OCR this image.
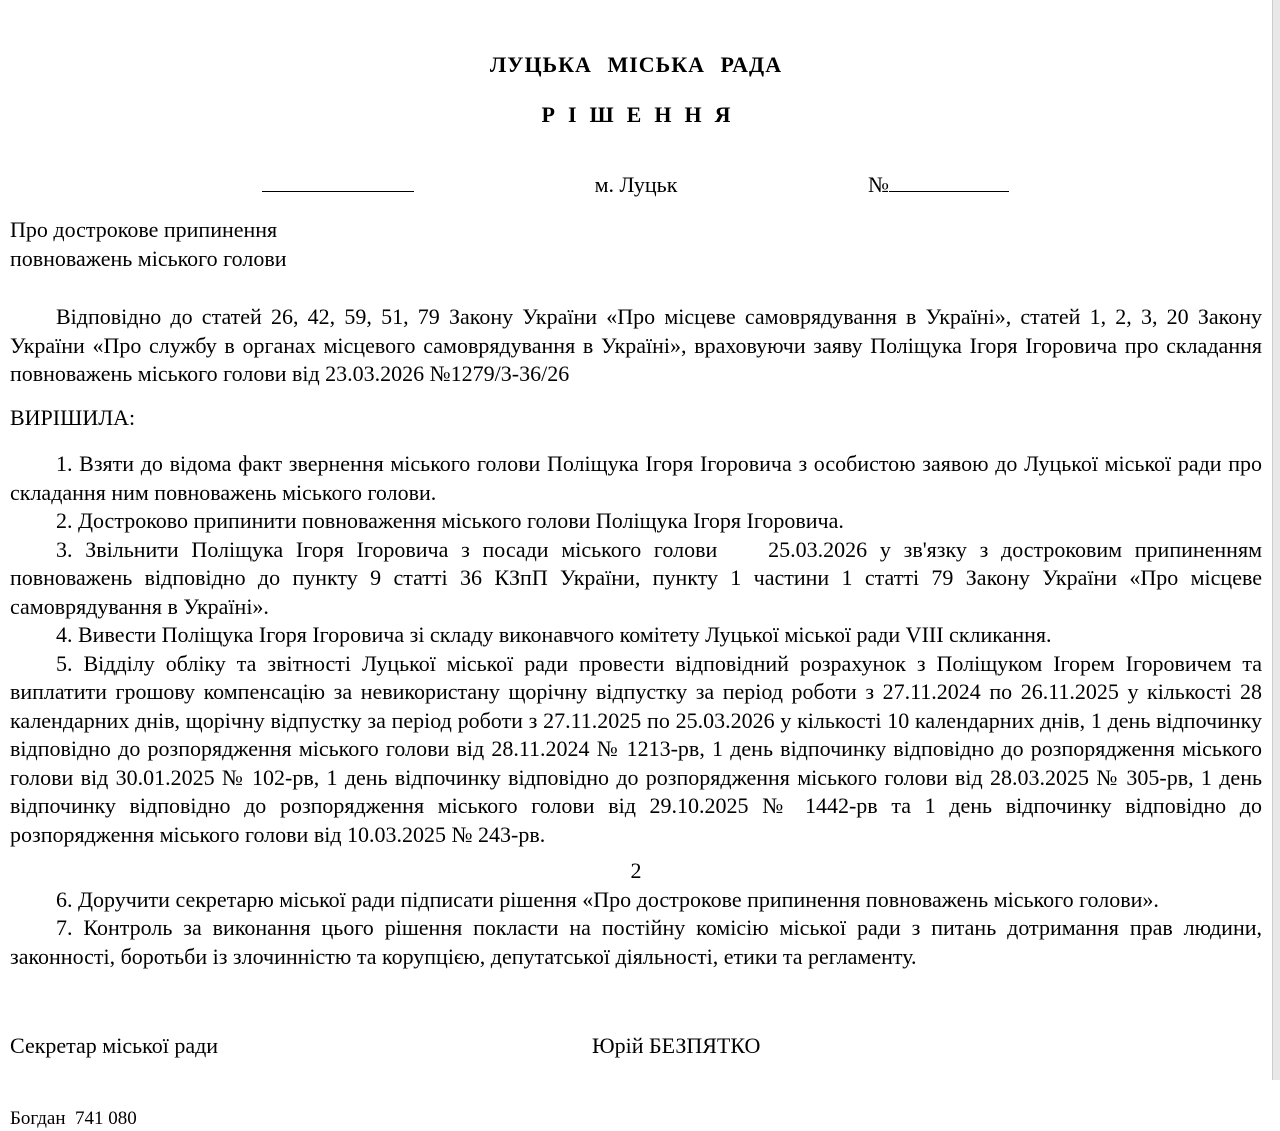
ЛУЦЬКА МІСЬКА РАДА
РІШЕННЯ
м. Луцьк	№
Про дострокове припинення
повноважень міського голови

Відповідно до статей 26, 42, 59, 51, 79 Закону України «Про місцеве самоврядування в Україні», статей 1, 2, 3, 20 Закону України «Про службу в органах місцевого самоврядування в Україні», враховуючи заяву Поліщука Ігоря Ігоровича про складання повноважень міського голови від 23.03.2026 №1279/3-36/26

ВИРІШИЛА:

1. Взяти до відома факт звернення міського голови Поліщука Ігоря Ігоровича з особистою заявою до Луцької міської ради про складання ним повноважень міського голови.

2. Достроково припинити повноваження міського голови Поліщука Ігоря Ігоровича.

3. Звільнити Поліщука Ігоря Ігоровича з посади міського голови    25.03.2026 у зв'язку з достроковим припиненням повноважень відповідно до пункту 9 статті 36 КЗпП України, пункту 1 частини 1 статті 79 Закону України «Про місцеве самоврядування в Україні».

4. Вивести Поліщука Ігоря Ігоровича зі складу виконавчого комітету Луцької міської ради VIII скликання.

5. Відділу обліку та звітності Луцької міської ради провести відповідний розрахунок з Поліщуком Ігорем Ігоровичем та виплатити грошову компенсацію за невикористану щорічну відпустку за період роботи з 27.11.2024 по 26.11.2025 у кількості 28 календарних днів, щорічну відпустку за період роботи з 27.11.2025 по 25.03.2026 у кількості 10 календарних днів, 1 день відпочинку відповідно до розпорядження міського голови від 28.11.2024 № 1213-рв, 1 день відпочинку відповідно до розпорядження міського голови від 30.01.2025 № 102-рв, 1 день відпочинку відповідно до розпорядження міського голови від 28.03.2025 № 305-рв, 1 день відпочинку відповідно до розпорядження міського голови від 29.10.2025 № 1442-рв та 1 день відпочинку відповідно до розпорядження міського голови від 10.03.2025 № 243-рв.

2

6. Доручити секретарю міської ради підписати рішення «Про дострокове припинення повноважень міського голови».

7. Контроль за виконання цього рішення покласти на постійну комісію міської ради з питань дотримання прав людини, законності, боротьби із злочинністю та корупцією, депутатської діяльності, етики та регламенту.

Секретар міської ради	Юрій БЕЗПЯТКО
Богдан  741 080
